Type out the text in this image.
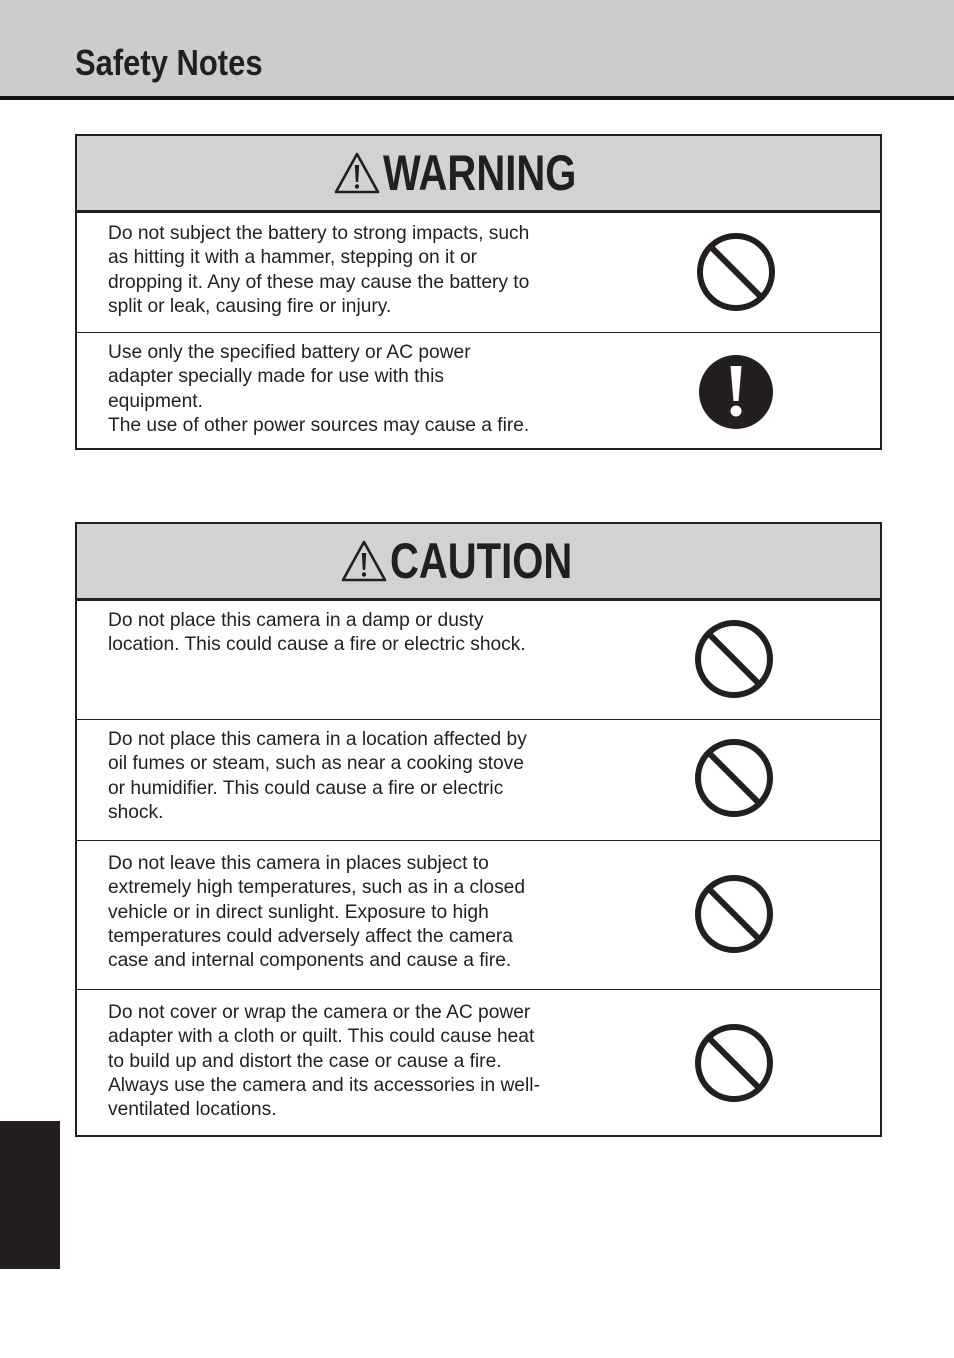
Safety Notes
WARNING
Do not subject the battery to strong impacts, such
as hitting it with a hammer, stepping on it or
dropping it. Any of these may cause the battery to
split or leak, causing fire or injury.
Use only the specified battery or AC power
adapter specially made for use with this
equipment.
The use of other power sources may cause a fire.
CAUTION
Do not place this camera in a damp or dusty
location. This could cause a fire or electric shock.
Do not place this camera in a location affected by
oil fumes or steam, such as near a cooking stove
or humidifier. This could cause a fire or electric
shock.
Do not leave this camera in places subject to
extremely high temperatures, such as in a closed
vehicle or in direct sunlight. Exposure to high
temperatures could adversely affect the camera
case and internal components and cause a fire.
Do not cover or wrap the camera or the AC power
adapter with a cloth or quilt. This could cause heat
to build up and distort the case or cause a fire.
Always use the camera and its accessories in well-
ventilated locations.
